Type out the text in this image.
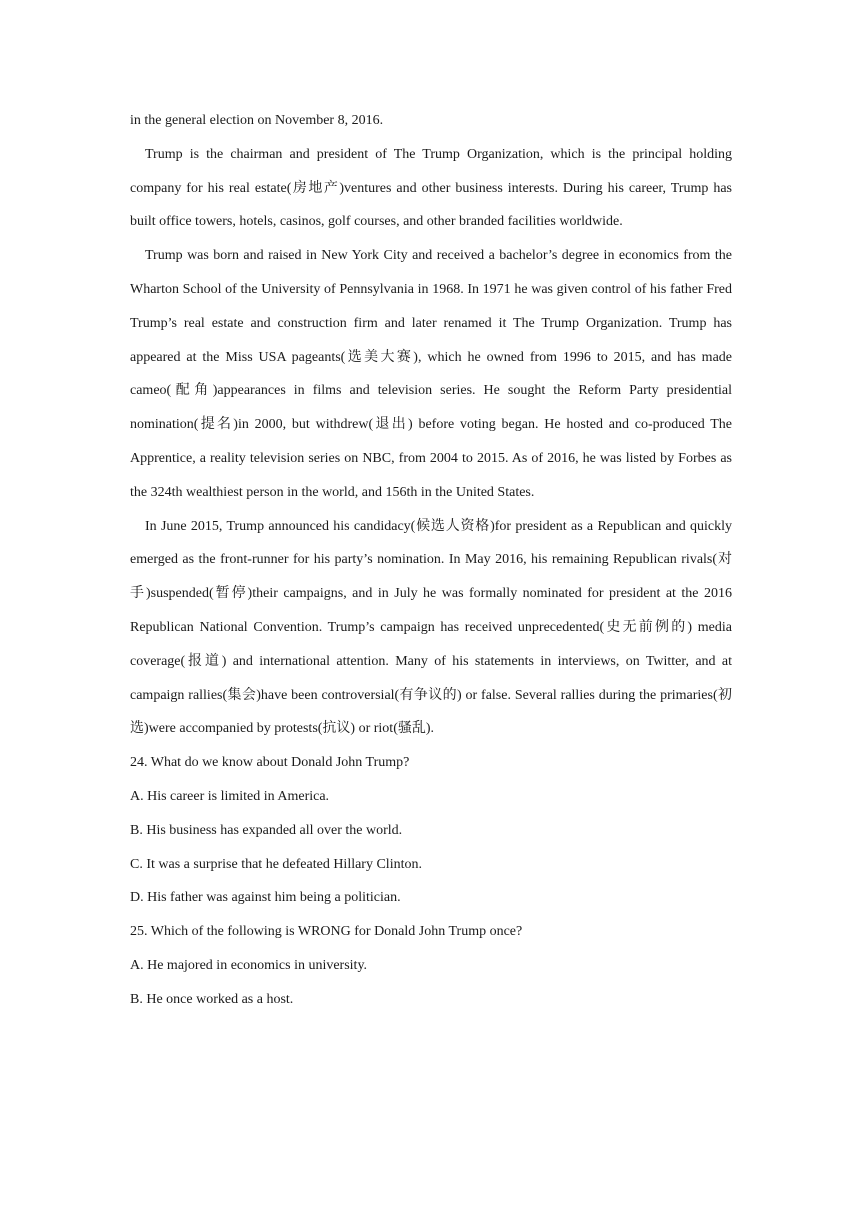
in the general election on November 8, 2016.

Trump is the chairman and president of The Trump Organization, which is the principal holding company for his real estate(房地产)ventures and other business interests. During his career, Trump has built office towers, hotels, casinos, golf courses, and other branded facilities worldwide.

Trump was born and raised in New York City and received a bachelor’s degree in economics from the Wharton School of the University of Pennsylvania in 1968. In 1971 he was given control of his father Fred Trump’s real estate and construction firm and later renamed it The Trump Organization. Trump has appeared at the Miss USA pageants(选美大赛), which he owned from 1996 to 2015, and has made cameo(配角)appearances in films and television series. He sought the Reform Party presidential nomination(提名)in 2000, but withdrew(退出) before voting began. He hosted and co-produced The Apprentice, a reality television series on NBC, from 2004 to 2015. As of 2016, he was listed by Forbes as the 324th wealthiest person in the world, and 156th in the United States.

In June 2015, Trump announced his candidacy(候选人资格)for president as a Republican and quickly emerged as the front-runner for his party’s nomination. In May 2016, his remaining Republican rivals(对手)suspended(暂停)their campaigns, and in July he was formally nominated for president at the 2016 Republican National Convention. Trump’s campaign has received unprecedented(史无前例的) media coverage(报道) and international attention. Many of his statements in interviews, on Twitter, and at campaign rallies(集会)have been controversial(有争议的) or false. Several rallies during the primaries(初选)were accompanied by protests(抗议) or riot(骚乱).

24. What do we know about Donald John Trump?

A. His career is limited in America.

B. His business has expanded all over the world.

C. It was a surprise that he defeated Hillary Clinton.

D. His father was against him being a politician.

25. Which of the following is WRONG for Donald John Trump once?

A. He majored in economics in university.

B. He once worked as a host.
